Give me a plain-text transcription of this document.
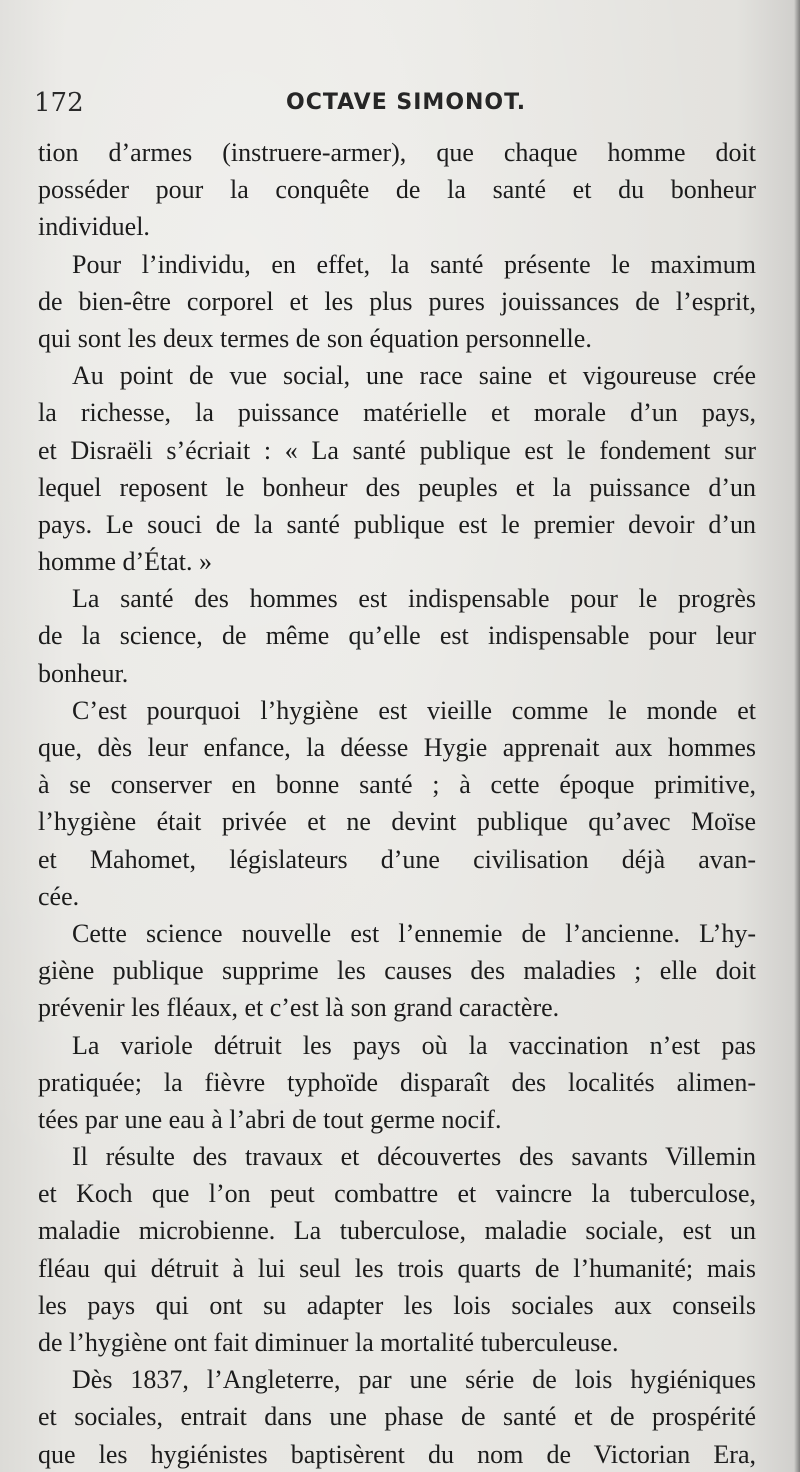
172	OCTAVE SIMONOT.
tion d’armes (instruere-armer), que chaque homme doit
posséder pour la conquête de la santé et du bonheur
individuel.
Pour l’individu, en effet, la santé présente le maximum
de bien-être corporel et les plus pures jouissances de l’esprit,
qui sont les deux termes de son équation personnelle.
Au point de vue social, une race saine et vigoureuse crée
la richesse, la puissance matérielle et morale d’un pays,
et Disraëli s’écriait : « La santé publique est le fondement sur
lequel reposent le bonheur des peuples et la puissance d’un
pays. Le souci de la santé publique est le premier devoir d’un
homme d’État. »
La santé des hommes est indispensable pour le progrès
de la science, de même qu’elle est indispensable pour leur
bonheur.
C’est pourquoi l’hygiène est vieille comme le monde et
que, dès leur enfance, la déesse Hygie apprenait aux hommes
à se conserver en bonne santé ; à cette époque primitive,
l’hygiène était privée et ne devint publique qu’avec Moïse
et Mahomet, législateurs d’une civilisation déjà avan-
cée.
Cette science nouvelle est l’ennemie de l’ancienne. L’hy-
giène publique supprime les causes des maladies ; elle doit
prévenir les fléaux, et c’est là son grand caractère.
La variole détruit les pays où la vaccination n’est pas
pratiquée; la fièvre typhoïde disparaît des localités alimen-
tées par une eau à l’abri de tout germe nocif.
Il résulte des travaux et découvertes des savants Villemin
et Koch que l’on peut combattre et vaincre la tuberculose,
maladie microbienne. La tuberculose, maladie sociale, est un
fléau qui détruit à lui seul les trois quarts de l’humanité; mais
les pays qui ont su adapter les lois sociales aux conseils
de l’hygiène ont fait diminuer la mortalité tuberculeuse.
Dès 1837, l’Angleterre, par une série de lois hygiéniques
et sociales, entrait dans une phase de santé et de prospérité
que les hygiénistes baptisèrent du nom de Victorian Era,
